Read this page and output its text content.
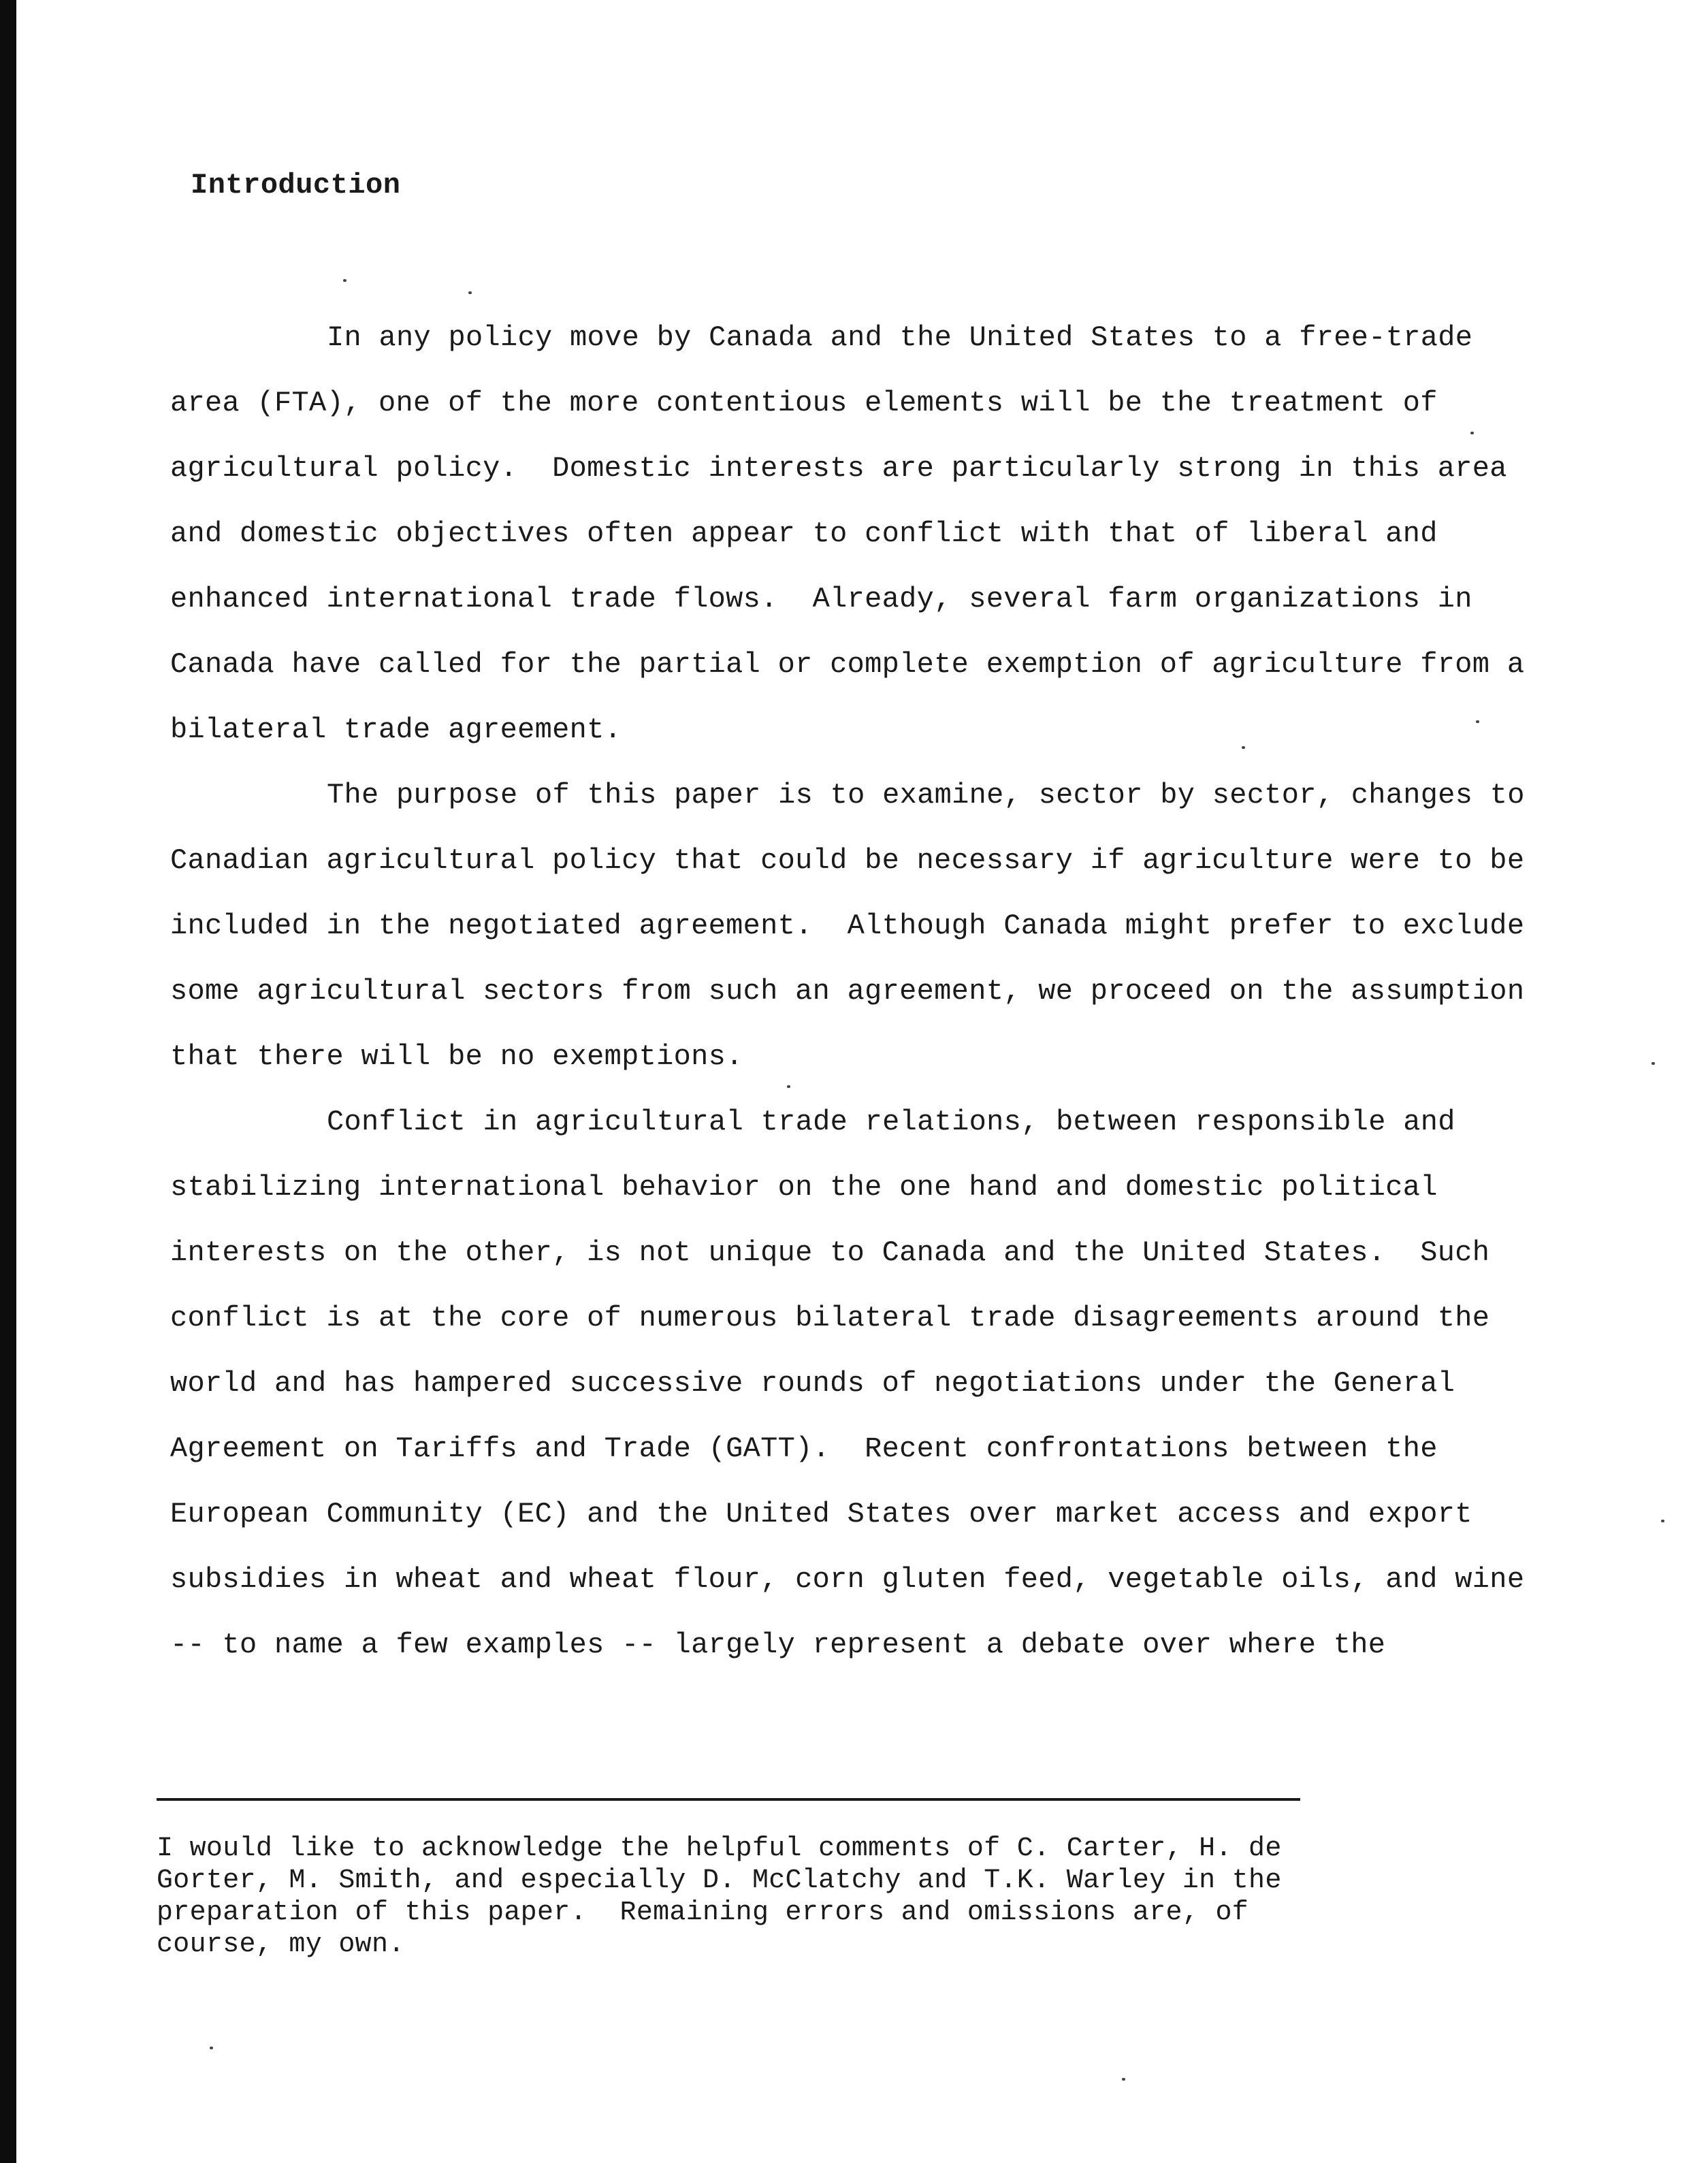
Introduction
In any policy move by Canada and the United States to a free-trade
area (FTA), one of the more contentious elements will be the treatment of
agricultural policy.  Domestic interests are particularly strong in this area
and domestic objectives often appear to conflict with that of liberal and
enhanced international trade flows.  Already, several farm organizations in
Canada have called for the partial or complete exemption of agriculture from a
bilateral trade agreement.
The purpose of this paper is to examine, sector by sector, changes to
Canadian agricultural policy that could be necessary if agriculture were to be
included in the negotiated agreement.  Although Canada might prefer to exclude
some agricultural sectors from such an agreement, we proceed on the assumption
that there will be no exemptions.
Conflict in agricultural trade relations, between responsible and
stabilizing international behavior on the one hand and domestic political
interests on the other, is not unique to Canada and the United States.  Such
conflict is at the core of numerous bilateral trade disagreements around the
world and has hampered successive rounds of negotiations under the General
Agreement on Tariffs and Trade (GATT).  Recent confrontations between the
European Community (EC) and the United States over market access and export
subsidies in wheat and wheat flour, corn gluten feed, vegetable oils, and wine
-- to name a few examples -- largely represent a debate over where the
I would like to acknowledge the helpful comments of C. Carter, H. de
Gorter, M. Smith, and especially D. McClatchy and T.K. Warley in the
preparation of this paper.  Remaining errors and omissions are, of
course, my own.
